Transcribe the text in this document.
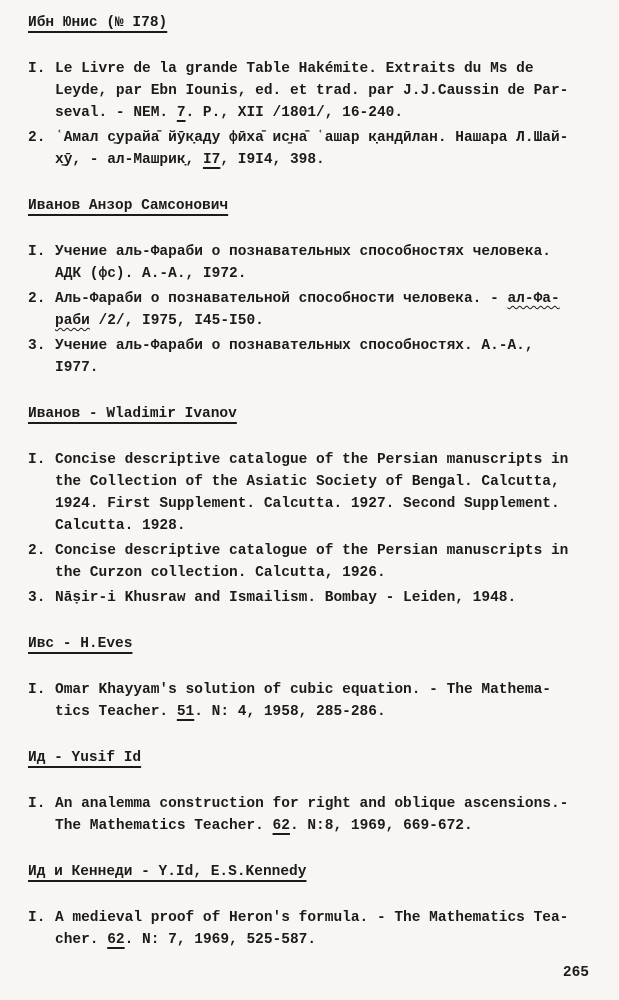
Ибн Юнис (№ I78)
I. Le Livre de la grande Table Hakémite. Extraits du Ms de
Leyde, par Ebn Iounis, ed. et trad. par J.J.Caussin de Par-
seval. - NEM. 7. P., XII /1801/, 16-240.
2. ʿАмал с̱урайа̄ йӯк̣аду фӣха̄ ис̱на̄ ʿашар к̣андӣлан. Нашара Л.Шай-
х̱ӯ, - ал-Машрик̣, I7, I9I4, 398.
Иванов Анзор Самсонович
I. Учение аль-Фараби о познавательных способностях человека.
АДК (фс). А.-А., I972.
2. Аль-Фараби о познавательной способности человека. - ал-Фа-
раби /2/, I975, I45-I50.
3. Учение аль-Фараби о познавательных способностях. А.-А.,
I977.
Иванов - Wladimir Ivanov
I. Concise descriptive catalogue of the Persian manuscripts in
the Collection of the Asiatic Society of Bengal. Calcutta,
1924. First Supplement. Calcutta. 1927. Second Supplement.
Calcutta. 1928.
2. Concise descriptive catalogue of the Persian manuscripts in
the Curzon collection. Calcutta, 1926.
3. Nāṣir-i Khusraw and Ismailism. Bombay - Leiden, 1948.
Ивс - H.Eves
I. Omar Khayyam's solution of cubic equation. - The Mathema-
tics Teacher. 51. N: 4, 1958, 285-286.
Ид - Yusif Id
I. An analemma construction for right and oblique ascensions.-
The Mathematics Teacher. 62. N:8, 1969, 669-672.
Ид и Кеннеди - Y.Id, E.S.Kennedy
I. A medieval proof of Heron's formula. - The Mathematics Tea-
cher. 62. N: 7, 1969, 525-587.
265
